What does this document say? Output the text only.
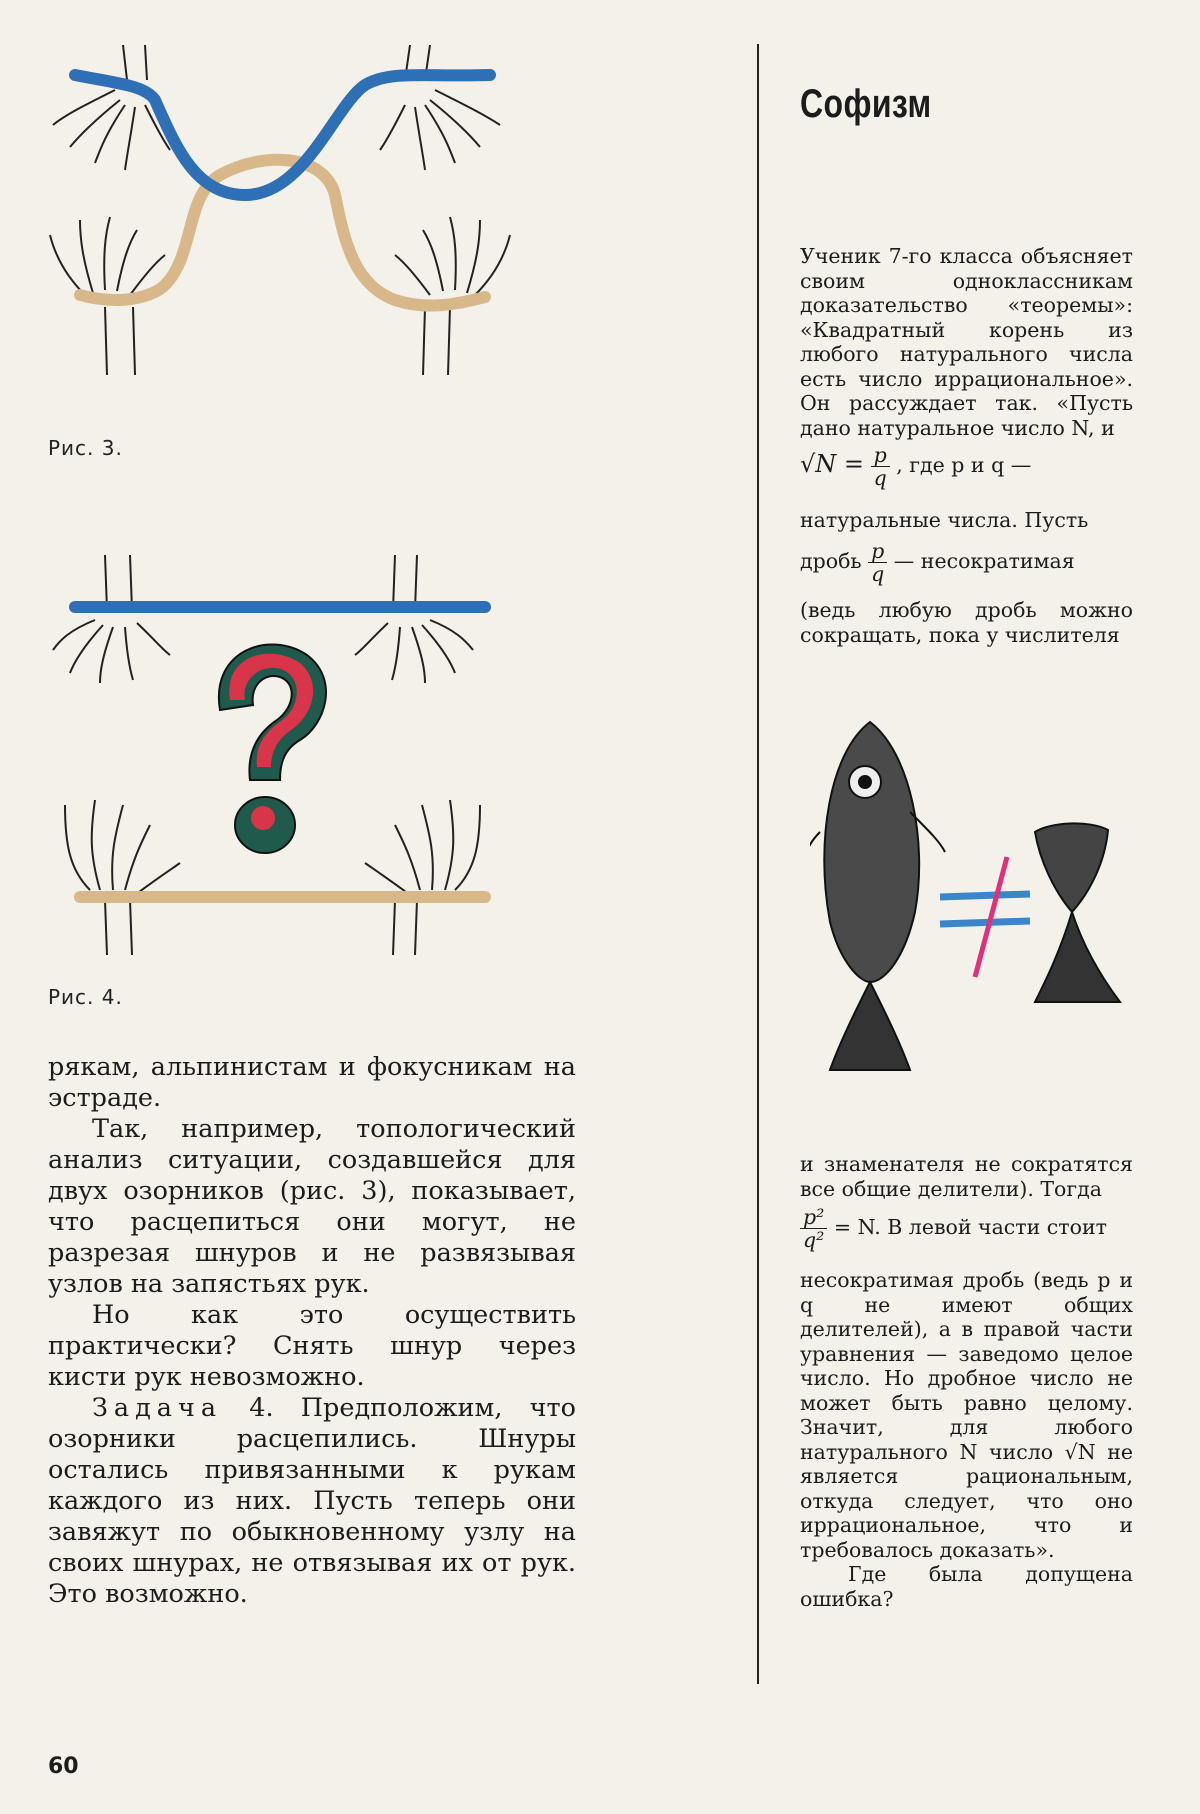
Рис. 3.
Рис. 4.

рякам, альпинистам и фокусникам на эстраде.

Так, например, топологический анализ ситуации, создавшейся для двух озорников (рис. 3), показывает, что расцепиться они могут, не разрезая шнуров и не развязывая узлов на запястьях рук.

Но как это осуществить практически? Снять шнур через кисти рук невозможно.

Задача 4. Предположим, что озорники расцепились. Шнуры остались привязанными к рукам каждого из них. Пусть теперь они завяжут по обыкновенному узлу на своих шнурах, не отвязывая их от рук. Это возможно.

60
Софизм

Ученик 7-го класса объясняет своим одноклассникам доказательство «теоремы»: «Квадратный корень из любого натурального числа есть число иррациональное». Он рассуждает так. «Пусть дано натуральное число N, и

$√N = \frac{p}{q}$ , где p и q —

натуральные числа. Пусть

дробь $\frac{p}{q}$ — несократимая

(ведь любую дробь можно сокращать, пока у числителя

и знаменателя не сократятся все общие делители). Тогда

$\frac{\text{p²}}{\text{q²}} = N$. В левой части стоит

несократимая дробь (ведь p и q не имеют общих делителей), а в правой части уравнения — заведомо целое число. Но дробное число не может быть равно целому. Значит, для любого натурального N число √N не является рациональным, откуда следует, что оно иррациональное, что и требовалось доказать».

Где была допущена ошибка?
